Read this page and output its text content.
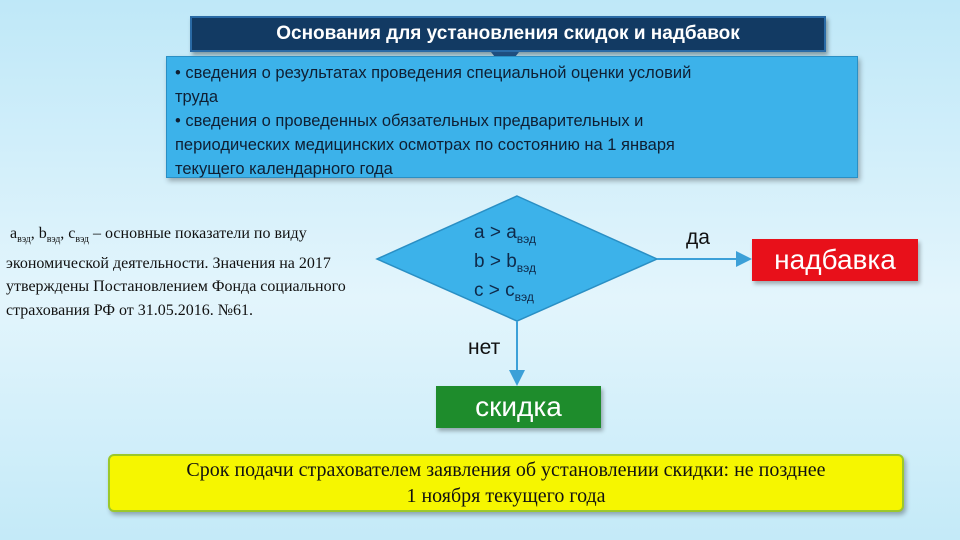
Основания для установления скидок и надбавок
• сведения о результатах проведения специальной оценки условий
труда
• сведения о проведенных обязательных предварительных и
периодических медицинских осмотрах по состоянию на 1 января
текущего календарного года
$a_{вэд}$, $b_{вэд}$, $c_{вэд}$ – основные показатели по виду экономической деятельности. Значения на 2017 утверждены Постановлением Фонда социального страхования РФ от 31.05.2016. №61.
$a > a_{вэд}$
$b > b_{вэд}$
$c > c_{вэд}$
да
нет
надбавка
скидка
Срок подачи страхователем заявления об установлении скидки: не позднее
1 ноября текущего года
